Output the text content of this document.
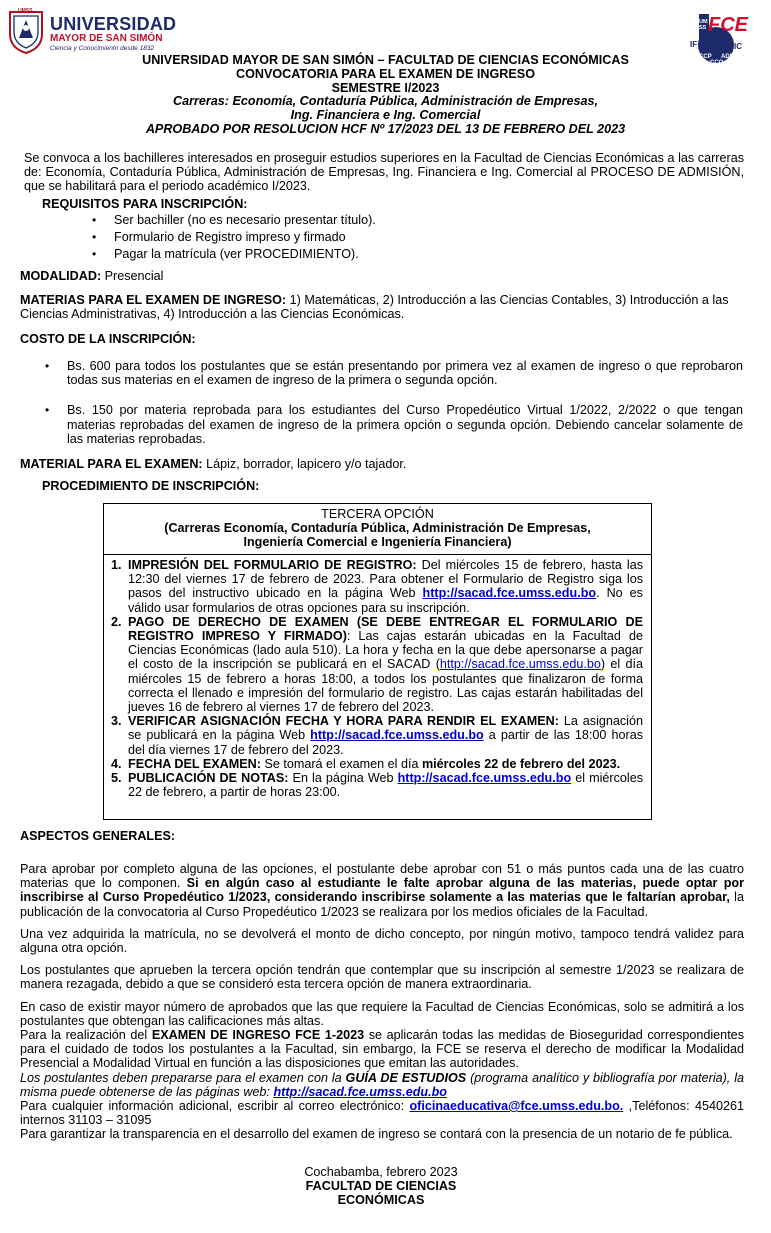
UMSS
UNIVERSIDAD
MAYOR DE SAN SIMÓN
Ciencia y Conocimiento desde 1832
FCE
UMSS
IF	IC
CCP
CCO
ADM
UNIVERSIDAD MAYOR DE SAN SIMÓN – FACULTAD DE CIENCIAS ECONÓMICAS
CONVOCATORIA PARA EL EXAMEN DE INGRESO
SEMESTRE I/2023
Carreras: Economía, Contaduría Pública, Administración de Empresas,
Ing. Financiera e Ing. Comercial
APROBADO POR RESOLUCION HCF Nº 17/2023 DEL 13 DE FEBRERO DEL 2023
Se convoca a los bachilleres interesados en proseguir estudios superiores en la Facultad de Ciencias Económicas a las carreras de: Economía, Contaduría Pública, Administración de Empresas, Ing. Financiera e Ing. Comercial al PROCESO DE ADMISIÓN, que se habilitará para el periodo académico I/2023.
REQUISITOS PARA INSCRIPCIÓN:
• Ser bachiller (no es necesario presentar título).
• Formulario de Registro impreso y firmado
• Pagar la matrícula (ver PROCEDIMIENTO).
MODALIDAD: Presencial
MATERIAS PARA EL EXAMEN DE INGRESO: 1) Matemáticas, 2) Introducción a las Ciencias Contables, 3) Introducción a las Ciencias Administrativas, 4) Introducción a las Ciencias Económicas.
COSTO DE LA INSCRIPCIÓN:
• Bs. 600 para todos los postulantes que se están presentando por primera vez al examen de ingreso o que reprobaron todas sus materias en el examen de ingreso de la primera o segunda opción.
• Bs. 150 por materia reprobada para los estudiantes del Curso Propedéutico Virtual 1/2022, 2/2022 o que tengan materias reprobadas del examen de ingreso de la primera opción o segunda opción. Debiendo cancelar solamente de las materias reprobadas.
MATERIAL PARA EL EXAMEN: Lápiz, borrador, lapicero y/o tajador.
PROCEDIMIENTO DE INSCRIPCIÓN:
TERCERA OPCIÓN
(Carreras Economía, Contaduría Pública, Administración De Empresas,
Ingeniería Comercial e Ingeniería Financiera)
1. IMPRESIÓN DEL FORMULARIO DE REGISTRO: Del miércoles 15 de febrero, hasta las 12:30 del viernes 17 de febrero de 2023. Para obtener el Formulario de Registro siga los pasos del instructivo ubicado en la página Web http://sacad.fce.umss.edu.bo. No es válido usar formularios de otras opciones para su inscripción.
2. PAGO DE DERECHO DE EXAMEN (SE DEBE ENTREGAR EL FORMULARIO DE REGISTRO IMPRESO Y FIRMADO): Las cajas estarán ubicadas en la Facultad de Ciencias Económicas (lado aula 510). La hora y fecha en la que debe apersonarse a pagar el costo de la inscripción se publicará en el SACAD (http://sacad.fce.umss.edu.bo) el día miércoles 15 de febrero a horas 18:00, a todos los postulantes que finalizaron de forma correcta el llenado e impresión del formulario de registro. Las cajas estarán habilitadas del jueves 16 de febrero al viernes 17 de febrero del 2023.
3. VERIFICAR ASIGNACIÓN FECHA Y HORA PARA RENDIR EL EXAMEN: La asignación se publicará en la página Web http://sacad.fce.umss.edu.bo a partir de las 18:00 horas del día viernes 17 de febrero del 2023.
4. FECHA DEL EXAMEN: Se tomará el examen el día miércoles 22 de febrero del 2023.
5. PUBLICACIÓN DE NOTAS: En la página Web http://sacad.fce.umss.edu.bo el miércoles 22 de febrero, a partir de horas 23:00.
ASPECTOS GENERALES:
Para aprobar por completo alguna de las opciones, el postulante debe aprobar con 51 o más puntos cada una de las cuatro materias que lo componen. Si en algún caso al estudiante le falte aprobar alguna de las materias, puede optar por inscribirse al Curso Propedéutico 1/2023, considerando inscribirse solamente a las materias que le faltarían aprobar, la publicación de la convocatoria al Curso Propedéutico 1/2023 se realizara por los medios oficiales de la Facultad.
Una vez adquirida la matrícula, no se devolverá el monto de dicho concepto, por ningún motivo, tampoco tendrá validez para alguna otra opción.
Los postulantes que aprueben la tercera opción tendrán que contemplar que su inscripción al semestre 1/2023 se realizara de manera rezagada, debido a que se consideró esta tercera opción de manera extraordinaria.
En caso de existir mayor número de aprobados que las que requiere la Facultad de Ciencias Económicas, solo se admitirá a los postulantes que obtengan las calificaciones más altas.
Para la realización del EXAMEN DE INGRESO FCE 1-2023 se aplicarán todas las medidas de Bioseguridad correspondientes para el cuidado de todos los postulantes a la Facultad, sin embargo, la FCE se reserva el derecho de modificar la Modalidad Presencial a Modalidad Virtual en función a las disposiciones que emitan las autoridades.
Los postulantes deben prepararse para el examen con la GUÍA DE ESTUDIOS (programa analítico y bibliografía por materia), la misma puede obtenerse de las páginas web: http://sacad.fce.umss.edu.bo
Para cualquier información adicional, escribir al correo electrónico: oficinaeducativa@fce.umss.edu.bo. ,Teléfonos: 4540261 internos 31103 – 31095
Para garantizar la transparencia en el desarrollo del examen de ingreso se contará con la presencia de un notario de fe pública.
Cochabamba, febrero 2023
FACULTAD DE CIENCIAS
ECONÓMICAS
